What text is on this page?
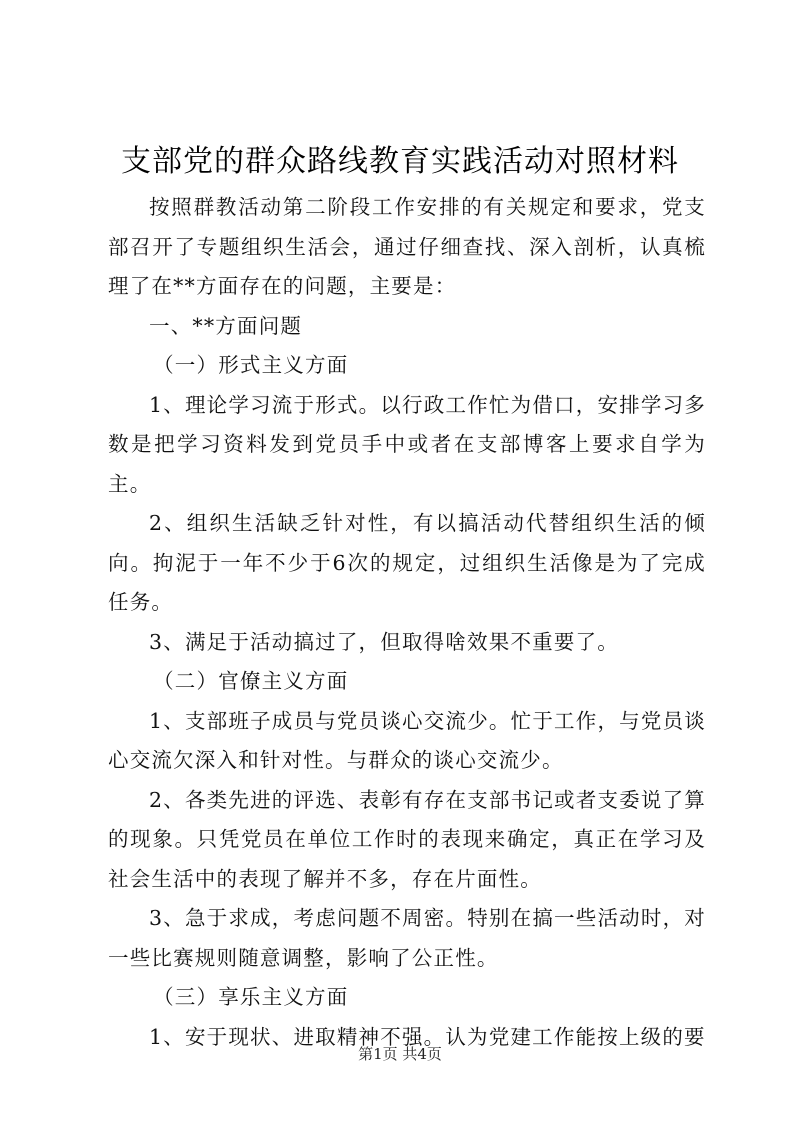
支部党的群众路线教育实践活动对照材料

按照群教活动第二阶段工作安排的有关规定和要求，党支部召开了专题组织生活会，通过仔细查找、深入剖析，认真梳理了在**方面存在的问题，主要是：

一、**方面问题

（一）形式主义方面

1、理论学习流于形式。以行政工作忙为借口，安排学习多数是把学习资料发到党员手中或者在支部博客上要求自学为主。

2、组织生活缺乏针对性，有以搞活动代替组织生活的倾向。拘泥于一年不少于6次的规定，过组织生活像是为了完成任务。

3、满足于活动搞过了，但取得啥效果不重要了。

（二）官僚主义方面

1、支部班子成员与党员谈心交流少。忙于工作，与党员谈心交流欠深入和针对性。与群众的谈心交流少。

2、各类先进的评选、表彰有存在支部书记或者支委说了算的现象。只凭党员在单位工作时的表现来确定，真正在学习及社会生活中的表现了解并不多，存在片面性。

3、急于求成，考虑问题不周密。特别在搞一些活动时，对一些比赛规则随意调整，影响了公正性。

（三）享乐主义方面

1、安于现状、进取精神不强。认为党建工作能按上级的要

第1页 共4页
